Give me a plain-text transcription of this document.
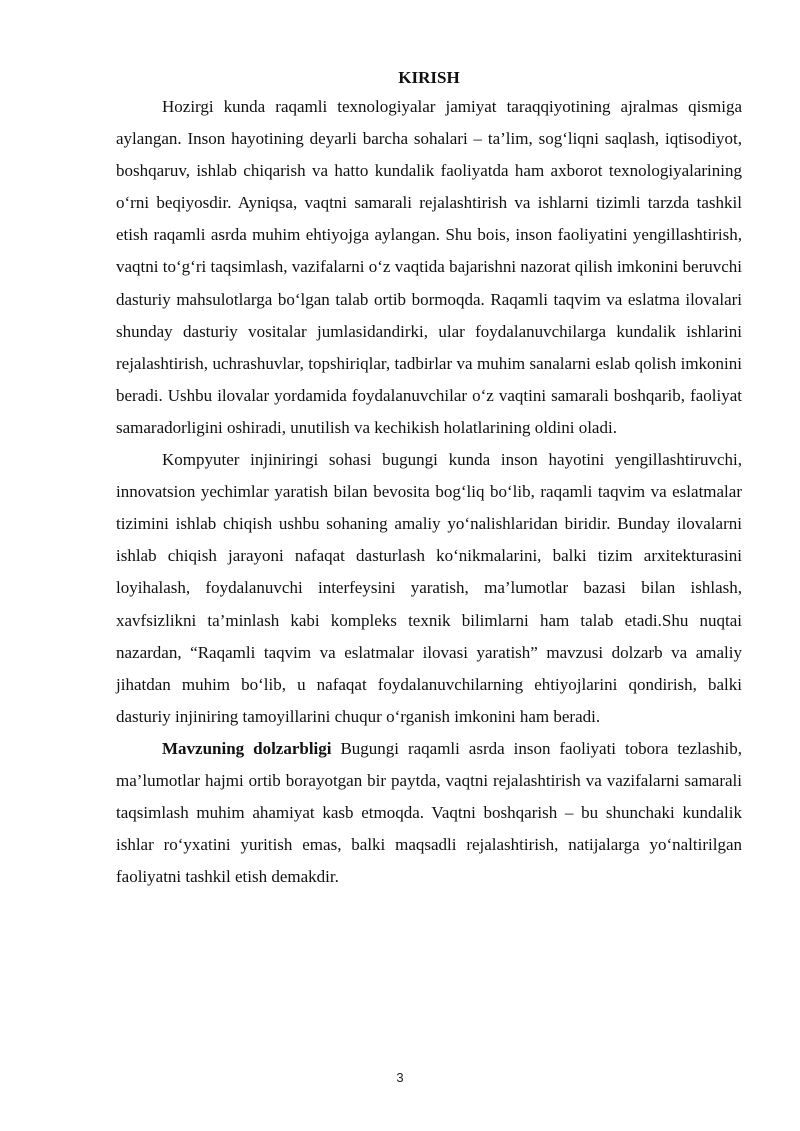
KIRISH

Hozirgi kunda raqamli texnologiyalar jamiyat taraqqiyotining ajralmas qismiga aylangan. Inson hayotining deyarli barcha sohalari – ta’lim, sog‘liqni saqlash, iqtisodiyot, boshqaruv, ishlab chiqarish va hatto kundalik faoliyatda ham axborot texnologiyalarining o‘rni beqiyosdir. Ayniqsa, vaqtni samarali rejalashtirish va ishlarni tizimli tarzda tashkil etish raqamli asrda muhim ehtiyojga aylangan. Shu bois, inson faoliyatini yengillashtirish, vaqtni to‘g‘ri taqsimlash, vazifalarni o‘z vaqtida bajarishni nazorat qilish imkonini beruvchi dasturiy mahsulotlarga bo‘lgan talab ortib bormoqda. Raqamli taqvim va eslatma ilovalari shunday dasturiy vositalar jumlasidandirki, ular foydalanuvchilarga kundalik ishlarini rejalashtirish, uchrashuvlar, topshiriqlar, tadbirlar va muhim sanalarni eslab qolish imkonini beradi. Ushbu ilovalar yordamida foydalanuvchilar o‘z vaqtini samarali boshqarib, faoliyat samaradorligini oshiradi, unutilish va kechikish holatlarining oldini oladi.

Kompyuter injiniringi sohasi bugungi kunda inson hayotini yengillashtiruvchi, innovatsion yechimlar yaratish bilan bevosita bog‘liq bo‘lib, raqamli taqvim va eslatmalar tizimini ishlab chiqish ushbu sohaning amaliy yo‘nalishlaridan biridir. Bunday ilovalarni ishlab chiqish jarayoni nafaqat dasturlash ko‘nikmalarini, balki tizim arxitekturasini loyihalash, foydalanuvchi interfeysini yaratish, ma’lumotlar bazasi bilan ishlash, xavfsizlikni ta’minlash kabi kompleks texnik bilimlarni ham talab etadi.Shu nuqtai nazardan, “Raqamli taqvim va eslatmalar ilovasi yaratish” mavzusi dolzarb va amaliy jihatdan muhim bo‘lib, u nafaqat foydalanuvchilarning ehtiyojlarini qondirish, balki dasturiy injiniring tamoyillarini chuqur o‘rganish imkonini ham beradi.

Mavzuning dolzarbligi Bugungi raqamli asrda inson faoliyati tobora tezlashib, ma’lumotlar hajmi ortib borayotgan bir paytda, vaqtni rejalashtirish va vazifalarni samarali taqsimlash muhim ahamiyat kasb etmoqda. Vaqtni boshqarish – bu shunchaki kundalik ishlar ro‘yxatini yuritish emas, balki maqsadli rejalashtirish, natijalarga yo‘naltirilgan faoliyatni tashkil etish demakdir.

3
